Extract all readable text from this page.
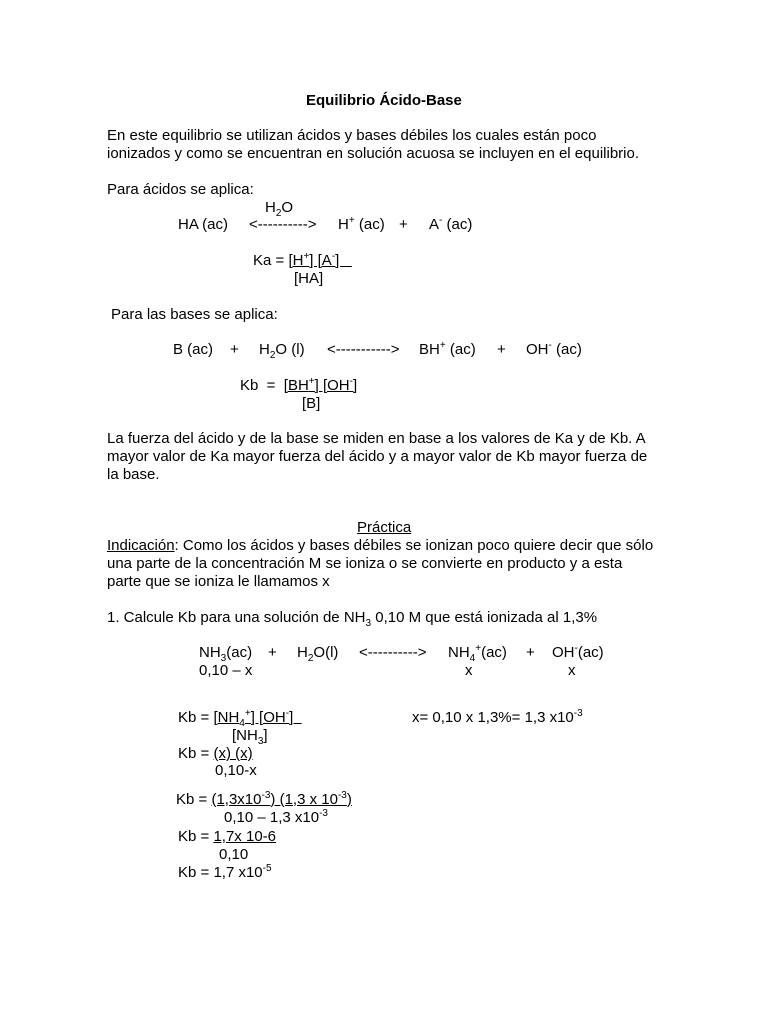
Equilibrio Ácido-Base
En este equilibrio se utilizan ácidos y bases débiles los cuales están poco
ionizados y como se encuentran en solución acuosa se incluyen en el equilibrio.
Para ácidos se aplica:
$H_2O$
HA (ac) <----------> H+ (ac) + A- (ac)
Ka = [H+] [A-]
[HA]
Para las bases se aplica:
B $(ac) + H_2O$ (l) <-----------> BH+ (ac) + OH- (ac)
Kb  =  [BH+] [OH-]
[B]
La fuerza del ácido y de la base se miden en base a los valores de Ka y de Kb. A
mayor valor de Ka mayor fuerza del ácido y a mayor valor de Kb mayor fuerza de
la base.
Práctica
Indicación: Como los ácidos y bases débiles se ionizan poco quiere decir que sólo
una parte de la concentración M se ioniza o se convierte en producto y a esta
parte que se ioniza le llamamos x
1. Calcule Kb para una solución de $NH_3$ 0,10 M que está ionizada al 1,3%
$NH_3(ac) + H_2O(l)$ <----------> $NH_4^+(ac) + OH^-(ac)$
0,10 – x	x	x
$Kb = [NH_4^+]$ [OH-]
$[NH_3]$
x= 0,10 x 1,3%= 1,3 $x10^{-3}$
Kb = (x) (x)
0,10-x
$Kb = (1,3x10^{-3})$ (1,3 x $10^{-3}$)
0,10 – 1,3 $x10^{-3}$
Kb = 1,7x 10-6
0,10
Kb = 1,7 $x10^{-5}$
